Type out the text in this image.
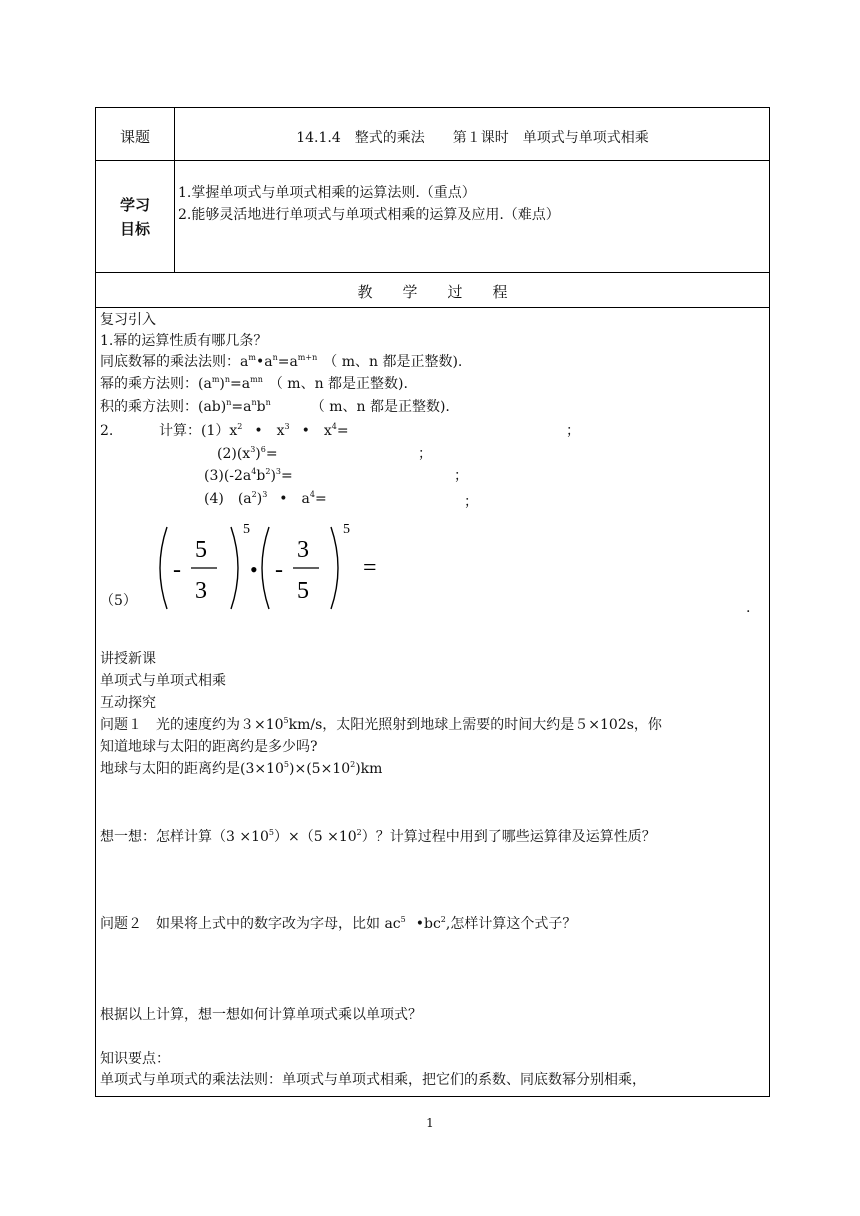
课题	14.1.4　整式的乘法　　第１课时　单项式与单项式相乘
学习
目标
1.掌握单项式与单项式相乘的运算法则.（重点）
2.能够灵活地进行单项式与单项式相乘的运算及应用.（难点）
教　　学　　过　　程
复习引入
1.幂的运算性质有哪几条？
同底数幂的乘法法则：$a^m•a^n=a^{m+n}$ （ m、n 都是正整数).
幂的乘方法则：$(a^m)^n=a^{mn}$ （ m、n 都是正整数).
积的乘方法则：$(ab)^n=a^nb^n$	（ m、n 都是正整数).
2.	计算：$(1)x^2$ •　$x^3$ •　$x^4=$	；
$(2)(x^3)^6=$	；
$(3)(-2a^4b^2)^3=$	；
(4)　$(a^2)^3$ •　$a^4=$	；
（5）
-
5
3
5
• -
3
5
5
=
.
讲授新课
单项式与单项式相乘
互动探究
问题１　光的速度约为$3\times 10^5km/s$，太阳光照射到地球上需要的时间大约是５×102s，你
知道地球与太阳的距离约是多少吗?
地球与太阳的距离约是$(3\times 10^5)\times(5\times 10^2)km$
想一想：怎样计算$(3 \times 10^5)\times(5 \times 10^2)$？计算过程中用到了哪些运算律及运算性质？
问题２　如果将上式中的数字改为字母，比如 $ac^5$ $•bc^2$,怎样计算这个式子？
根据以上计算，想一想如何计算单项式乘以单项式？
知识要点：
单项式与单项式的乘法法则：单项式与单项式相乘，把它们的系数、同底数幂分别相乘，
1
